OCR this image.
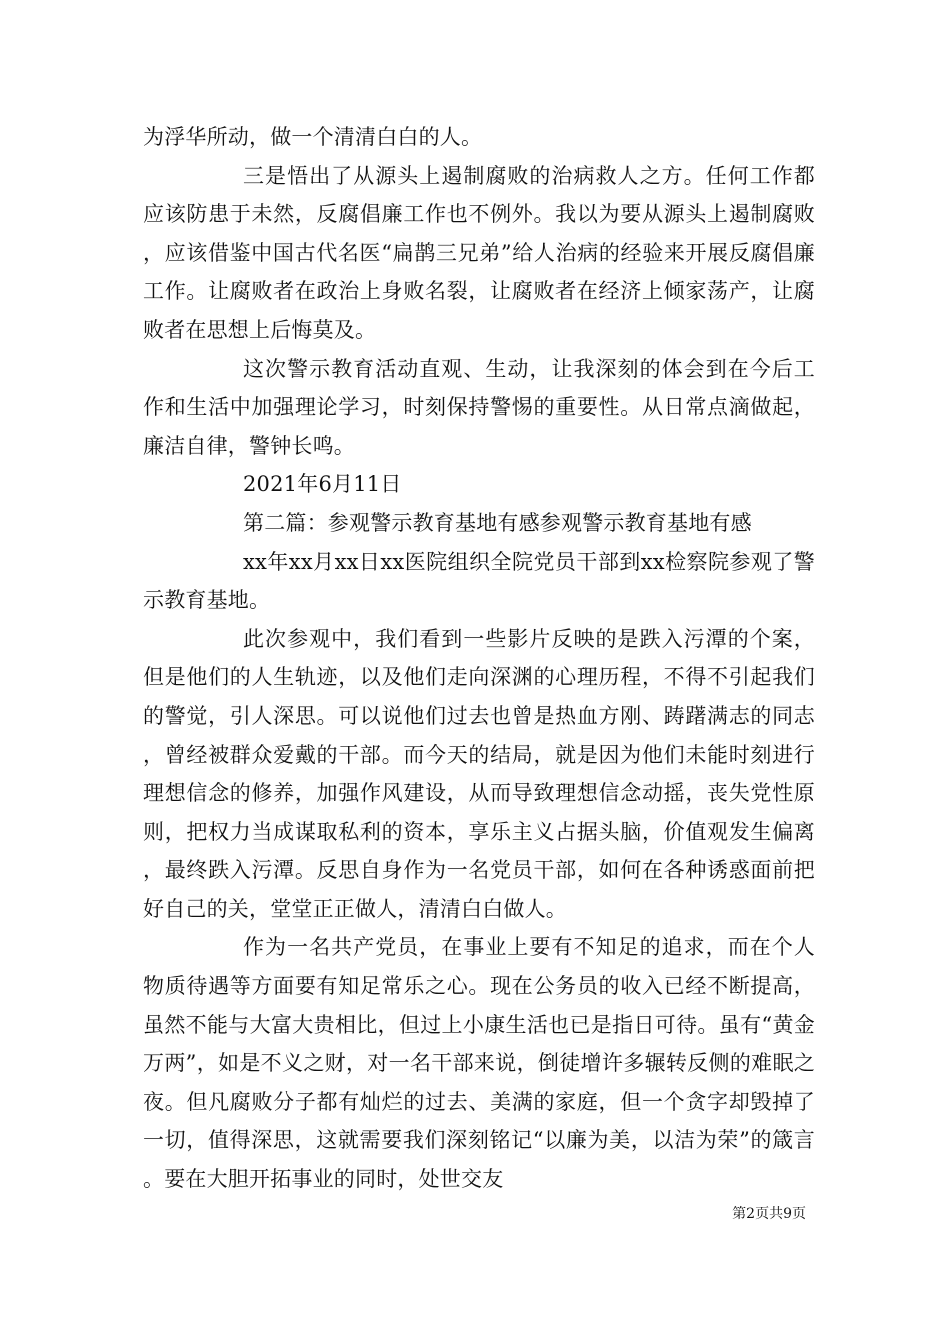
为浮华所动，做一个清清白白的人。

三是悟出了从源头上遏制腐败的治病救人之方。任何工作都应该防患于未然，反腐倡廉工作也不例外。我以为要从源头上遏制腐败，应该借鉴中国古代名医“扁鹊三兄弟”给人治病的经验来开展反腐倡廉工作。让腐败者在政治上身败名裂，让腐败者在经济上倾家荡产，让腐败者在思想上后悔莫及。

这次警示教育活动直观、生动，让我深刻的体会到在今后工作和生活中加强理论学习，时刻保持警惕的重要性。从日常点滴做起，廉洁自律，警钟长鸣。

2021年6月11日

第二篇：参观警示教育基地有感参观警示教育基地有感

xx年xx月xx日xx医院组织全院党员干部到xx检察院参观了警示教育基地。

此次参观中，我们看到一些影片反映的是跌入污潭的个案，但是他们的人生轨迹，以及他们走向深渊的心理历程，不得不引起我们的警觉，引人深思。可以说他们过去也曾是热血方刚、踌躇满志的同志，曾经被群众爱戴的干部。而今天的结局，就是因为他们未能时刻进行理想信念的修养，加强作风建设，从而导致理想信念动摇，丧失党性原则，把权力当成谋取私利的资本，享乐主义占据头脑，价值观发生偏离，最终跌入污潭。反思自身作为一名党员干部，如何在各种诱惑面前把好自己的关，堂堂正正做人，清清白白做人。

作为一名共产党员，在事业上要有不知足的追求，而在个人物质待遇等方面要有知足常乐之心。现在公务员的收入已经不断提高，虽然不能与大富大贵相比，但过上小康生活也已是指日可待。虽有“黄金万两”，如是不义之财，对一名干部来说，倒徒增许多辗转反侧的难眠之夜。但凡腐败分子都有灿烂的过去、美满的家庭，但一个贪字却毁掉了一切，值得深思，这就需要我们深刻铭记“以廉为美，以洁为荣”的箴言。要在大胆开拓事业的同时，处世交友

第2页共9页
